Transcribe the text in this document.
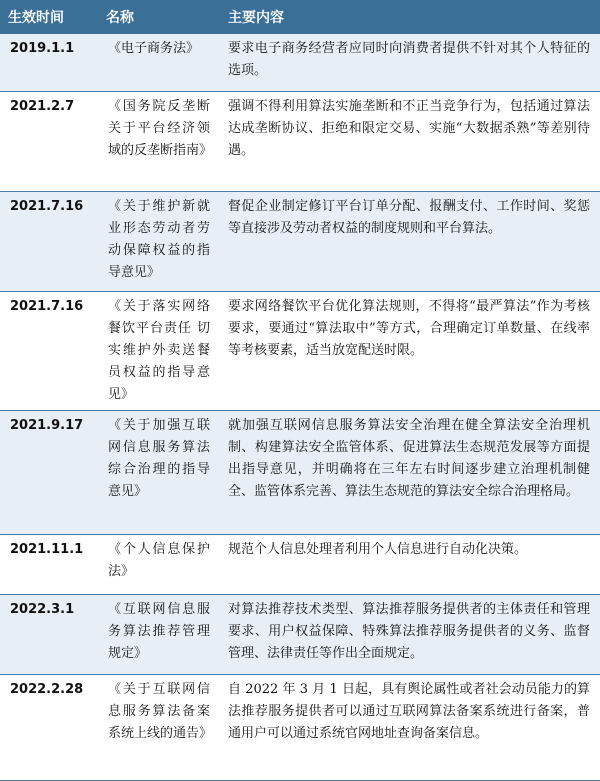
生效时间	名称	主要内容
2019.1.1	《电子商务法》	要求电子商务经营者应同时向消费者提供不针对其个人特征的选项。
2021.2.7	《国务院反垄断关于平台经济领域的反垄断指南》	强调不得利用算法实施垄断和不正当竞争行为，包括通过算法达成垄断协议、拒绝和限定交易、实施“大数据杀熟”等差别待遇。
2021.7.16	《关于维护新就业形态劳动者劳动保障权益的指导意见》	督促企业制定修订平台订单分配、报酬支付、工作时间、奖惩等直接涉及劳动者权益的制度规则和平台算法。
2021.7.16	《关于落实网络餐饮平台责任 切实维护外卖送餐员权益的指导意见》	要求网络餐饮平台优化算法规则，不得将“最严算法”作为考核要求，要通过“算法取中”等方式，合理确定订单数量、在线率等考核要素，适当放宽配送时限。
2021.9.17	《关于加强互联网信息服务算法综合治理的指导意见》	就加强互联网信息服务算法安全治理在健全算法安全治理机制、构建算法安全监管体系、促进算法生态规范发展等方面提出指导意见，并明确将在三年左右时间逐步建立治理机制健全、监管体系完善、算法生态规范的算法安全综合治理格局。
2021.11.1	《个人信息保护法》	规范个人信息处理者利用个人信息进行自动化决策。
2022.3.1	《互联网信息服务算法推荐管理规定》	对算法推荐技术类型、算法推荐服务提供者的主体责任和管理要求、用户权益保障、特殊算法推荐服务提供者的义务、监督管理、法律责任等作出全面规定。
2022.2.28	《关于互联网信息服务算法备案系统上线的通告》	自 2022 年 3 月 1 日起，具有舆论属性或者社会动员能力的算法推荐服务提供者可以通过互联网算法备案系统进行备案，普通用户可以通过系统官网地址查询备案信息。
